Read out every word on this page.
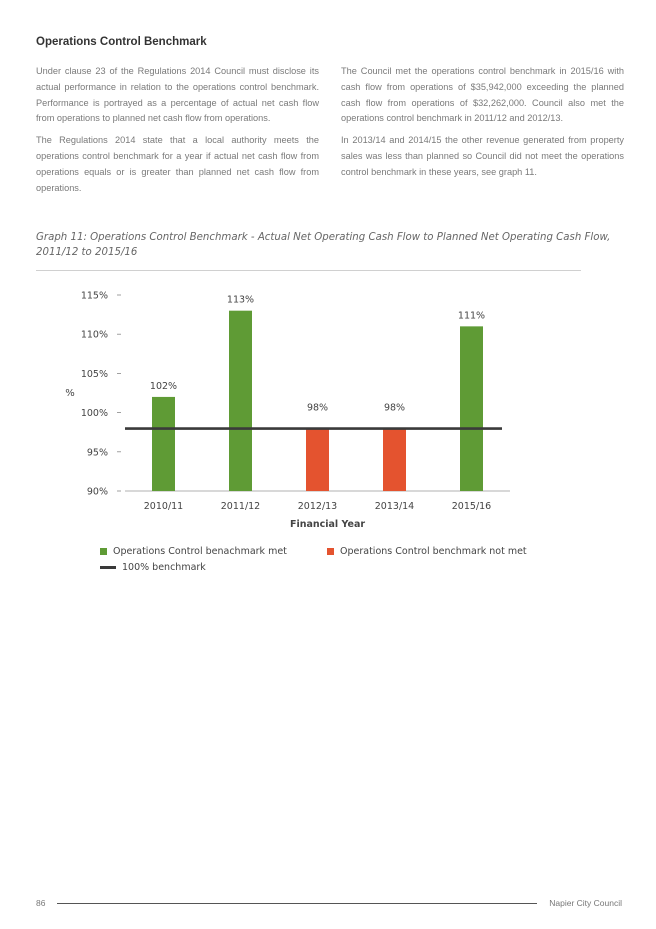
Operations Control Benchmark

Under clause 23 of the Regulations 2014 Council must disclose its actual performance in relation to the operations control benchmark. Performance is portrayed as a percentage of actual net cash flow from operations to planned net cash flow from operations.

The Regulations 2014 state that a local authority meets the operations control benchmark for a year if actual net cash flow from operations equals or is greater than planned net cash flow from operations.

The Council met the operations control benchmark in 2015/16 with cash flow from operations of $35,942,000 exceeding the planned cash flow from operations of $32,262,000. Council also met the operations control benchmark in 2011/12 and 2012/13.

In 2013/14 and 2014/15 the other revenue generated from property sales was less than planned so Council did not meet the operations control benchmark in these years, see graph 11.

Graph 11: Operations Control Benchmark - Actual Net Operating Cash Flow to Planned Net Operating Cash Flow, 2011/12 to 2015/16
90%
95%
100%
105%
110%
115%
%
102%
2010/11
113%
2011/12
98%
2012/13
98%
2013/14
111%
2015/16
Financial Year
Operations Control benachmark met	Operations Control benchmark not met
100% benchmark
86	Napier City Council
